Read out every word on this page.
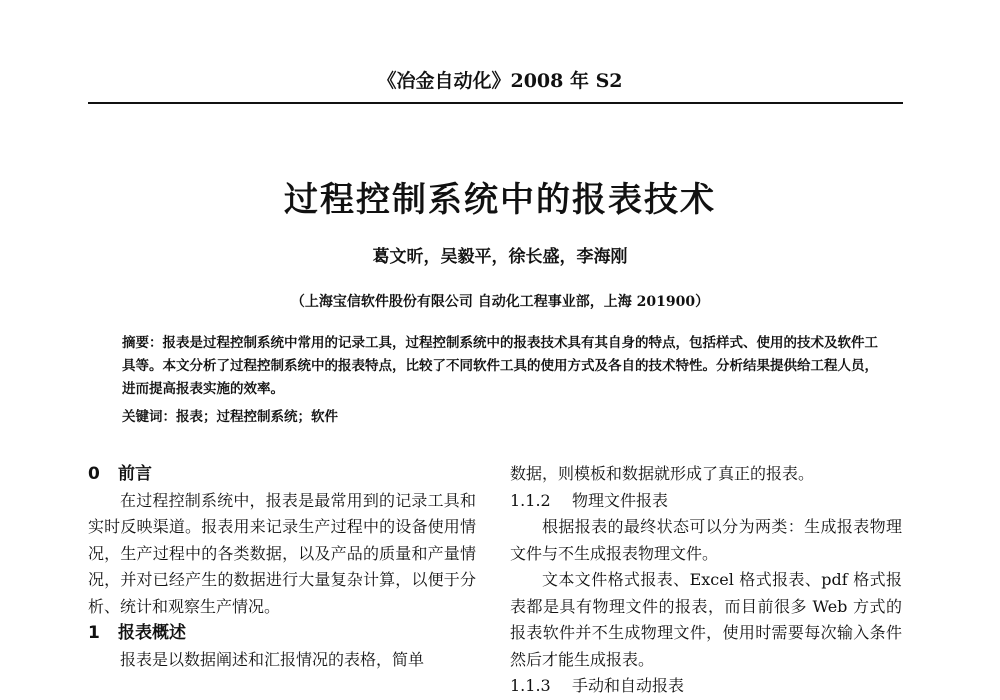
《冶金自动化》2008 年 S2
过程控制系统中的报表技术
葛文昕，吴毅平，徐长盛，李海刚
（上海宝信软件股份有限公司 自动化工程事业部，上海 201900）
摘要：报表是过程控制系统中常用的记录工具，过程控制系统中的报表技术具有其自身的特点，包括样式、使用的技术及软件工具等。本文分析了过程控制系统中的报表特点，比较了不同软件工具的使用方式及各自的技术特性。分析结果提供给工程人员，进而提高报表实施的效率。
关键词：报表；过程控制系统；软件
0 前言

在过程控制系统中，报表是最常用到的记录工具和实时反映渠道。报表用来记录生产过程中的设备使用情况，生产过程中的各类数据，以及产品的质量和产量情况，并对已经产生的数据进行大量复杂计算，以便于分析、统计和观察生产情况。

1 报表概述

报表是以数据阐述和汇报情况的表格，简单

数据，则模板和数据就形成了真正的报表。

1.1.2 物理文件报表

根据报表的最终状态可以分为两类：生成报表物理文件与不生成报表物理文件。

文本文件格式报表、Excel 格式报表、pdf 格式报表都是具有物理文件的报表，而目前很多 Web 方式的报表软件并不生成物理文件，使用时需要每次输入条件然后才能生成报表。

1.1.3 手动和自动报表
